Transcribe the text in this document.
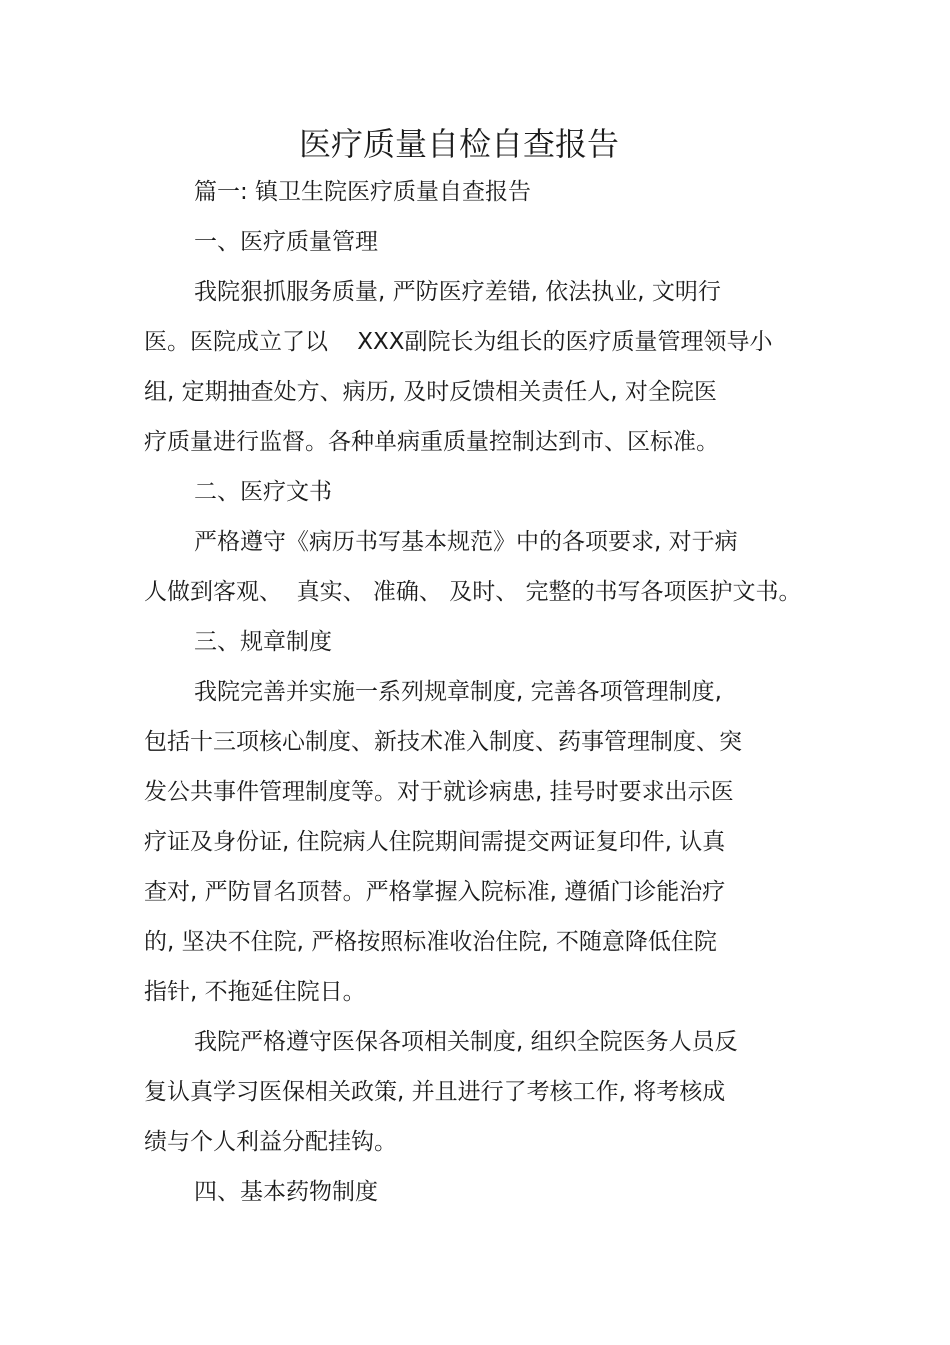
医疗质量自检自查报告
篇一: 镇卫生院医疗质量自查报告
一、医疗质量管理
我院狠抓服务质量, 严防医疗差错, 依法执业, 文明行
医。医院成立了以    XXX副院长为组长的医疗质量管理领导小
组, 定期抽查处方、病历, 及时反馈相关责任人, 对全院医
疗质量进行监督。各种单病重质量控制达到市、区标准。
二、医疗文书
严格遵守《病历书写基本规范》中的各项要求, 对于病
人做到客观、  真实、 准确、 及时、 完整的书写各项医护文书。
三、规章制度
我院完善并实施一系列规章制度, 完善各项管理制度,
包括十三项核心制度、新技术准入制度、药事管理制度、突
发公共事件管理制度等。对于就诊病患, 挂号时要求出示医
疗证及身份证, 住院病人住院期间需提交两证复印件, 认真
查对, 严防冒名顶替。严格掌握入院标准, 遵循门诊能治疗
的, 坚决不住院, 严格按照标准收治住院, 不随意降低住院
指针, 不拖延住院日。
我院严格遵守医保各项相关制度, 组织全院医务人员反
复认真学习医保相关政策, 并且进行了考核工作, 将考核成
绩与个人利益分配挂钩。
四、基本药物制度
